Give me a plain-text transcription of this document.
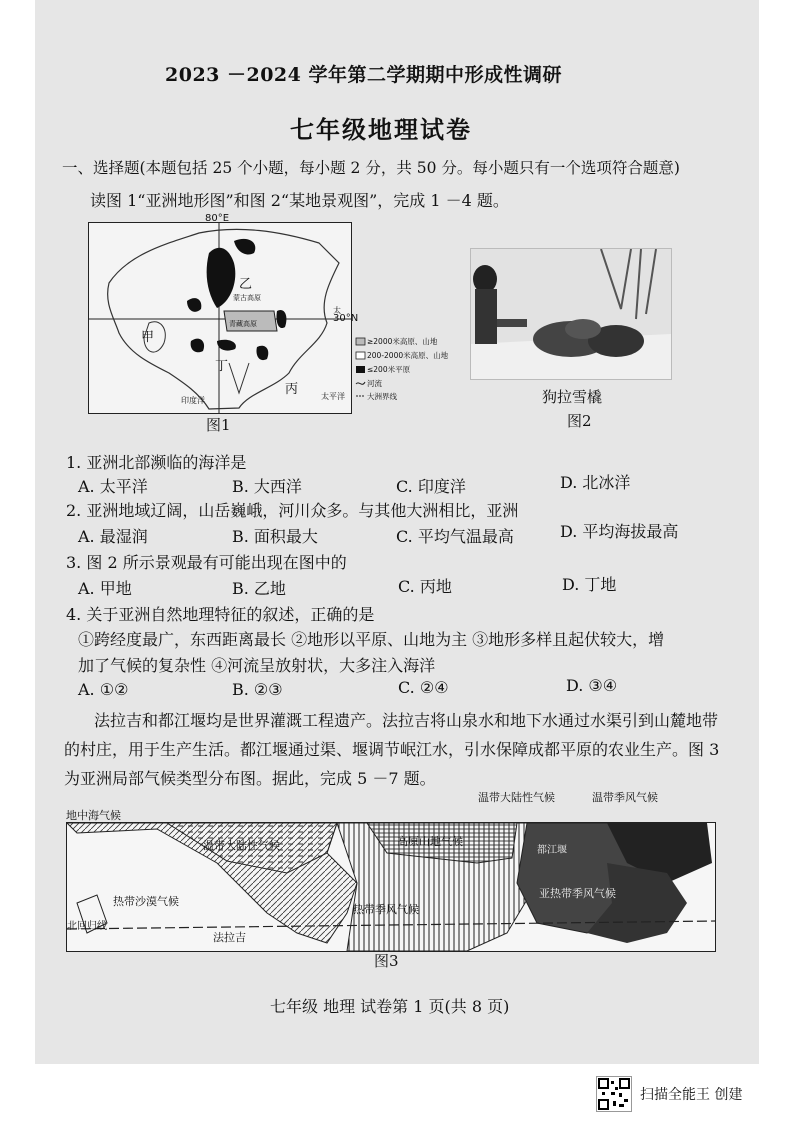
2023 －2024 学年第二学期期中形成性调研
七年级地理试卷
一、选择题(本题包括 25 个小题，每小题 2 分，共 50 分。每小题只有一个选项符合题意)
读图 1“亚洲地形图”和图 2“某地景观图”，完成 1 －4 题。
80°E
30°N
甲
乙
丙
丁
蒙古高原
青藏高原
印度洋	太平洋
太
≥2000米高原、山地
200-2000米高原、山地
≤200米平原
河流
大洲界线
图1
狗拉雪橇
图2
1. 亚洲北部濒临的海洋是
A. 太平洋	B. 大西洋	C. 印度洋	D. 北冰洋
2. 亚洲地域辽阔，山岳巍峨，河川众多。与其他大洲相比，亚洲
A. 最湿润	B. 面积最大	C. 平均气温最高	D. 平均海拔最高
3. 图 2 所示景观最有可能出现在图中的
A. 甲地	B. 乙地	C. 丙地	D. 丁地
4. 关于亚洲自然地理特征的叙述，正确的是
①跨经度最广，东西距离最长 ②地形以平原、山地为主 ③地形多样且起伏较大，增
加了气候的复杂性 ④河流呈放射状，大多注入海洋
A. ①②	B. ②③	C. ②④	D. ③④
法拉吉和都江堰均是世界灌溉工程遗产。法拉吉将山泉水和地下水通过水渠引到山麓地带的村庄，用于生产生活。都江堰通过渠、堰调节岷江水，引水保障成都平原的农业生产。图 3 为亚洲局部气候类型分布图。据此，完成 5 －7 题。
温带大陆性气候	高原山地气候
热带沙漠气候
热带季风气候
亚热带季风气候
都江堰
北回归线
法拉吉
地中海气候
温带大陆性气候	温带季风气候
图3
七年级 地理 试卷第 1 页(共 8 页)
扫描全能王 创建
